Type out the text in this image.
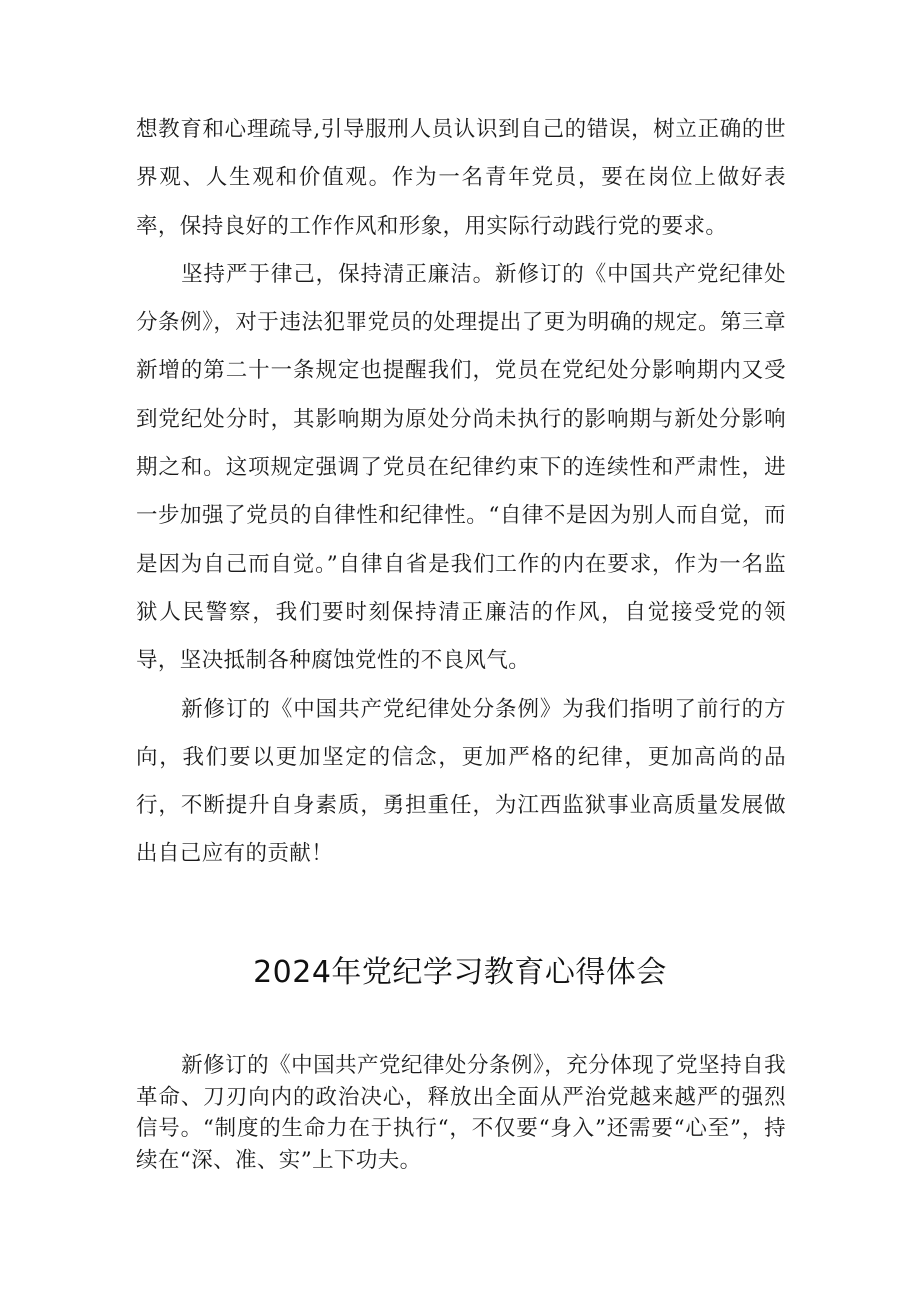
想教育和心理疏导,引导服刑人员认识到自己的错误，树立正确的世界观、人生观和价值观。作为一名青年党员，要在岗位上做好表率，保持良好的工作作风和形象，用实际行动践行党的要求。

坚持严于律己，保持清正廉洁。新修订的《中国共产党纪律处分条例》，对于违法犯罪党员的处理提出了更为明确的规定。第三章新增的第二十一条规定也提醒我们，党员在党纪处分影响期内又受到党纪处分时，其影响期为原处分尚未执行的影响期与新处分影响期之和。这项规定强调了党员在纪律约束下的连续性和严肃性，进一步加强了党员的自律性和纪律性。“自律不是因为别人而自觉，而是因为自己而自觉。”自律自省是我们工作的内在要求，作为一名监狱人民警察，我们要时刻保持清正廉洁的作风，自觉接受党的领导，坚决抵制各种腐蚀党性的不良风气。

新修订的《中国共产党纪律处分条例》为我们指明了前行的方向，我们要以更加坚定的信念，更加严格的纪律，更加高尚的品行，不断提升自身素质，勇担重任，为江西监狱事业高质量发展做出自己应有的贡献！

2024年党纪学习教育心得体会

新修订的《中国共产党纪律处分条例》，充分体现了党坚持自我革命、刀刃向内的政治决心，释放出全面从严治党越来越严的强烈信号。“制度的生命力在于执行“，不仅要“身入”还需要“心至”，持续在“深、准、实”上下功夫。
